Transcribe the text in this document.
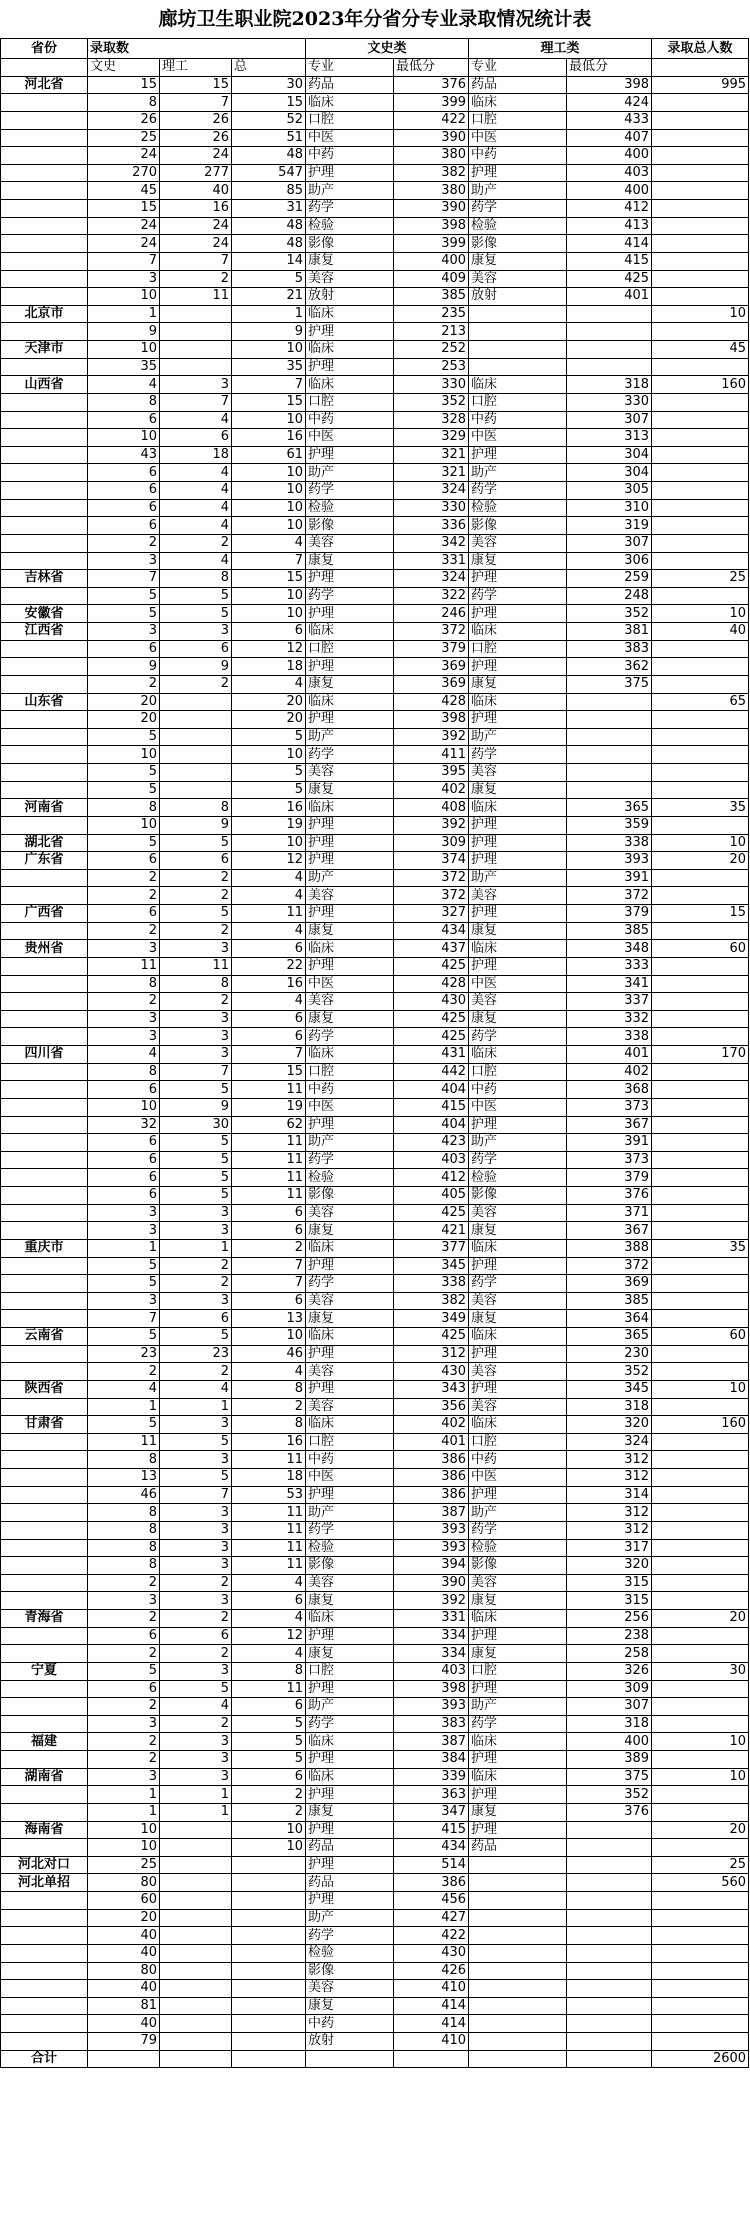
廊坊卫生职业院2023年分省分专业录取情况统计表
省份	录取数			文史类		理工类		录取总人数
	文史	理工	总	专业	最低分	专业	最低分	
河北省	15	15	30	药品	376	药品	398	995
	8	7	15	临床	399	临床	424	
	26	26	52	口腔	422	口腔	433	
	25	26	51	中医	390	中医	407	
	24	24	48	中药	380	中药	400	
	270	277	547	护理	382	护理	403	
	45	40	85	助产	380	助产	400	
	15	16	31	药学	390	药学	412	
	24	24	48	检验	398	检验	413	
	24	24	48	影像	399	影像	414	
	7	7	14	康复	400	康复	415	
	3	2	5	美容	409	美容	425	
	10	11	21	放射	385	放射	401	
北京市	1		1	临床	235			10
	9		9	护理	213			
天津市	10		10	临床	252			45
	35		35	护理	253			
山西省	4	3	7	临床	330	临床	318	160
	8	7	15	口腔	352	口腔	330	
	6	4	10	中药	328	中药	307	
	10	6	16	中医	329	中医	313	
	43	18	61	护理	321	护理	304	
	6	4	10	助产	321	助产	304	
	6	4	10	药学	324	药学	305	
	6	4	10	检验	330	检验	310	
	6	4	10	影像	336	影像	319	
	2	2	4	美容	342	美容	307	
	3	4	7	康复	331	康复	306	
吉林省	7	8	15	护理	324	护理	259	25
	5	5	10	药学	322	药学	248	
安徽省	5	5	10	护理	246	护理	352	10
江西省	3	3	6	临床	372	临床	381	40
	6	6	12	口腔	379	口腔	383	
	9	9	18	护理	369	护理	362	
	2	2	4	康复	369	康复	375	
山东省	20		20	临床	428	临床		65
	20		20	护理	398	护理		
	5		5	助产	392	助产		
	10		10	药学	411	药学		
	5		5	美容	395	美容		
	5		5	康复	402	康复		
河南省	8	8	16	临床	408	临床	365	35
	10	9	19	护理	392	护理	359	
湖北省	5	5	10	护理	309	护理	338	10
广东省	6	6	12	护理	374	护理	393	20
	2	2	4	助产	372	助产	391	
	2	2	4	美容	372	美容	372	
广西省	6	5	11	护理	327	护理	379	15
	2	2	4	康复	434	康复	385	
贵州省	3	3	6	临床	437	临床	348	60
	11	11	22	护理	425	护理	333	
	8	8	16	中医	428	中医	341	
	2	2	4	美容	430	美容	337	
	3	3	6	康复	425	康复	332	
	3	3	6	药学	425	药学	338	
四川省	4	3	7	临床	431	临床	401	170
	8	7	15	口腔	442	口腔	402	
	6	5	11	中药	404	中药	368	
	10	9	19	中医	415	中医	373	
	32	30	62	护理	404	护理	367	
	6	5	11	助产	423	助产	391	
	6	5	11	药学	403	药学	373	
	6	5	11	检验	412	检验	379	
	6	5	11	影像	405	影像	376	
	3	3	6	美容	425	美容	371	
	3	3	6	康复	421	康复	367	
重庆市	1	1	2	临床	377	临床	388	35
	5	2	7	护理	345	护理	372	
	5	2	7	药学	338	药学	369	
	3	3	6	美容	382	美容	385	
	7	6	13	康复	349	康复	364	
云南省	5	5	10	临床	425	临床	365	60
	23	23	46	护理	312	护理	230	
	2	2	4	美容	430	美容	352	
陕西省	4	4	8	护理	343	护理	345	10
	1	1	2	美容	356	美容	318	
甘肃省	5	3	8	临床	402	临床	320	160
	11	5	16	口腔	401	口腔	324	
	8	3	11	中药	386	中药	312	
	13	5	18	中医	386	中医	312	
	46	7	53	护理	386	护理	314	
	8	3	11	助产	387	助产	312	
	8	3	11	药学	393	药学	312	
	8	3	11	检验	393	检验	317	
	8	3	11	影像	394	影像	320	
	2	2	4	美容	390	美容	315	
	3	3	6	康复	392	康复	315	
青海省	2	2	4	临床	331	临床	256	20
	6	6	12	护理	334	护理	238	
	2	2	4	康复	334	康复	258	
宁夏	5	3	8	口腔	403	口腔	326	30
	6	5	11	护理	398	护理	309	
	2	4	6	助产	393	助产	307	
	3	2	5	药学	383	药学	318	
福建	2	3	5	临床	387	临床	400	10
	2	3	5	护理	384	护理	389	
湖南省	3	3	6	临床	339	临床	375	10
	1	1	2	护理	363	护理	352	
	1	1	2	康复	347	康复	376	
海南省	10		10	护理	415	护理		20
	10		10	药品	434	药品		
河北对口	25			护理	514			25
河北单招	80			药品	386			560
	60			护理	456			
	20			助产	427			
	40			药学	422			
	40			检验	430			
	80			影像	426			
	40			美容	410			
	81			康复	414			
	40			中药	414			
	79			放射	410			
合计								2600
